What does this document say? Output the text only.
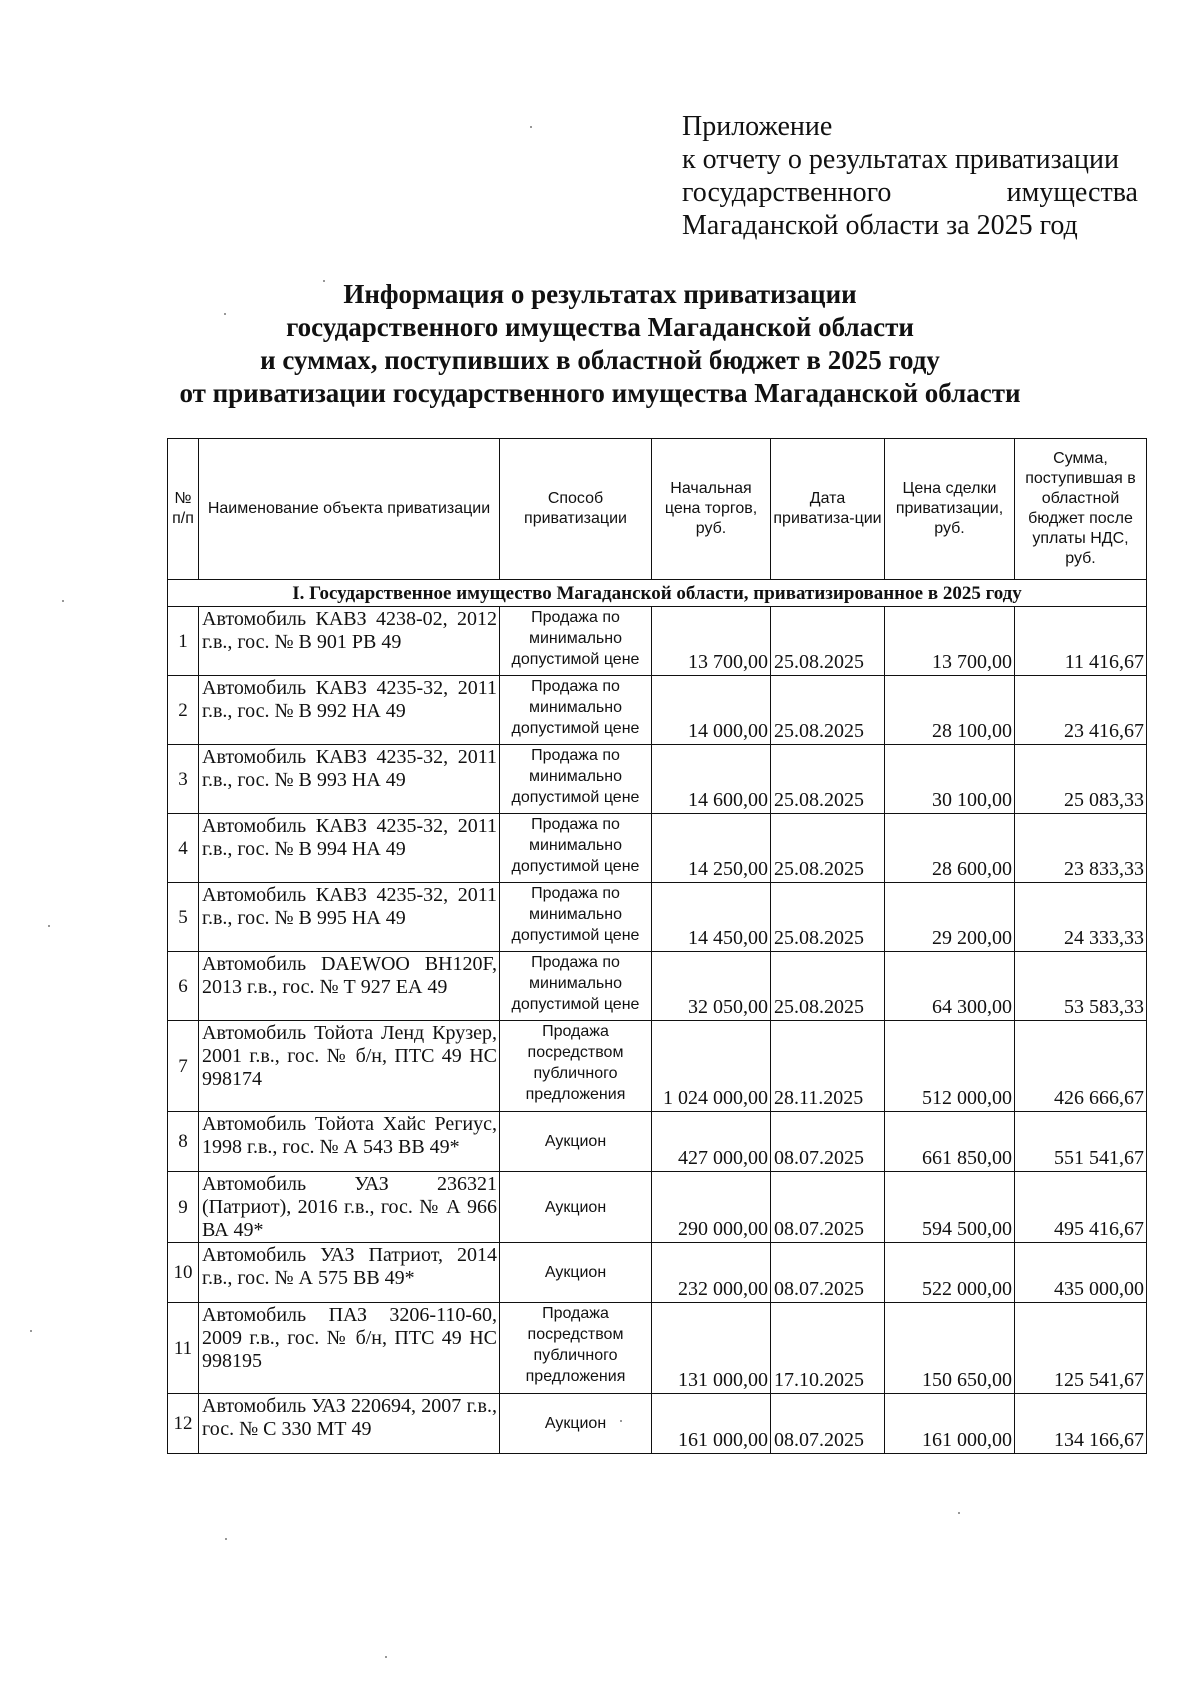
Приложение
к отчету о результатах приватизации
государственного	имущества
Магаданской области за 2025 год
Информация о результатах приватизации
государственного имущества Магаданской области
и суммах, поступивших в областной бюджет в 2025 году
от приватизации государственного имущества Магаданской области
№ п/п	Наименование объекта приватизации	Способ приватизации	Начальная цена торгов, руб.	Дата приватиза-ции	Цена сделки приватизации, руб.	Сумма, поступившая в областной бюджет после уплаты НДС, руб.
I. Государственное имущество Магаданской области, приватизированное в 2025 году						
1	Автомобиль КАВЗ 4238-02, 2012 г.в., гос. № В 901 РВ 49	Продажа по минимально допустимой цене	13 700,00	25.08.2025	13 700,00	11 416,67
2	Автомобиль КАВЗ 4235-32, 2011 г.в., гос. № В 992 НА 49	Продажа по минимально допустимой цене	14 000,00	25.08.2025	28 100,00	23 416,67
3	Автомобиль КАВЗ 4235-32, 2011 г.в., гос. № В 993 НА 49	Продажа по минимально допустимой цене	14 600,00	25.08.2025	30 100,00	25 083,33
4	Автомобиль КАВЗ 4235-32, 2011 г.в., гос. № В 994 НА 49	Продажа по минимально допустимой цене	14 250,00	25.08.2025	28 600,00	23 833,33
5	Автомобиль КАВЗ 4235-32, 2011 г.в., гос. № В 995 НА 49	Продажа по минимально допустимой цене	14 450,00	25.08.2025	29 200,00	24 333,33
6	Автомобиль DAEWOO BH120F, 2013 г.в., гос. № Т 927 ЕА 49	Продажа по минимально допустимой цене	32 050,00	25.08.2025	64 300,00	53 583,33
7	Автомобиль Тойота Ленд Крузер, 2001 г.в., гос. № б/н, ПТС 49 НС 998174	Продажа посредством публичного предложения	1 024 000,00	28.11.2025	512 000,00	426 666,67
8	Автомобиль Тойота Хайс Региус, 1998 г.в., гос. № А 543 ВВ 49*	Аукцион	427 000,00	08.07.2025	661 850,00	551 541,67
9	Автомобиль УАЗ 236321 (Патриот), 2016 г.в., гос. № А 966 ВА 49*	Аукцион	290 000,00	08.07.2025	594 500,00	495 416,67
10	Автомобиль УАЗ Патриот, 2014 г.в., гос. № А 575 ВВ 49*	Аукцион	232 000,00	08.07.2025	522 000,00	435 000,00
11	Автомобиль ПАЗ 3206-110-60, 2009 г.в., гос. № б/н, ПТС 49 НС 998195	Продажа посредством публичного предложения	131 000,00	17.10.2025	150 650,00	125 541,67
12	Автомобиль УАЗ 220694, 2007 г.в., гос. № С 330 МТ 49	Аукцион	161 000,00	08.07.2025	161 000,00	134 166,67
